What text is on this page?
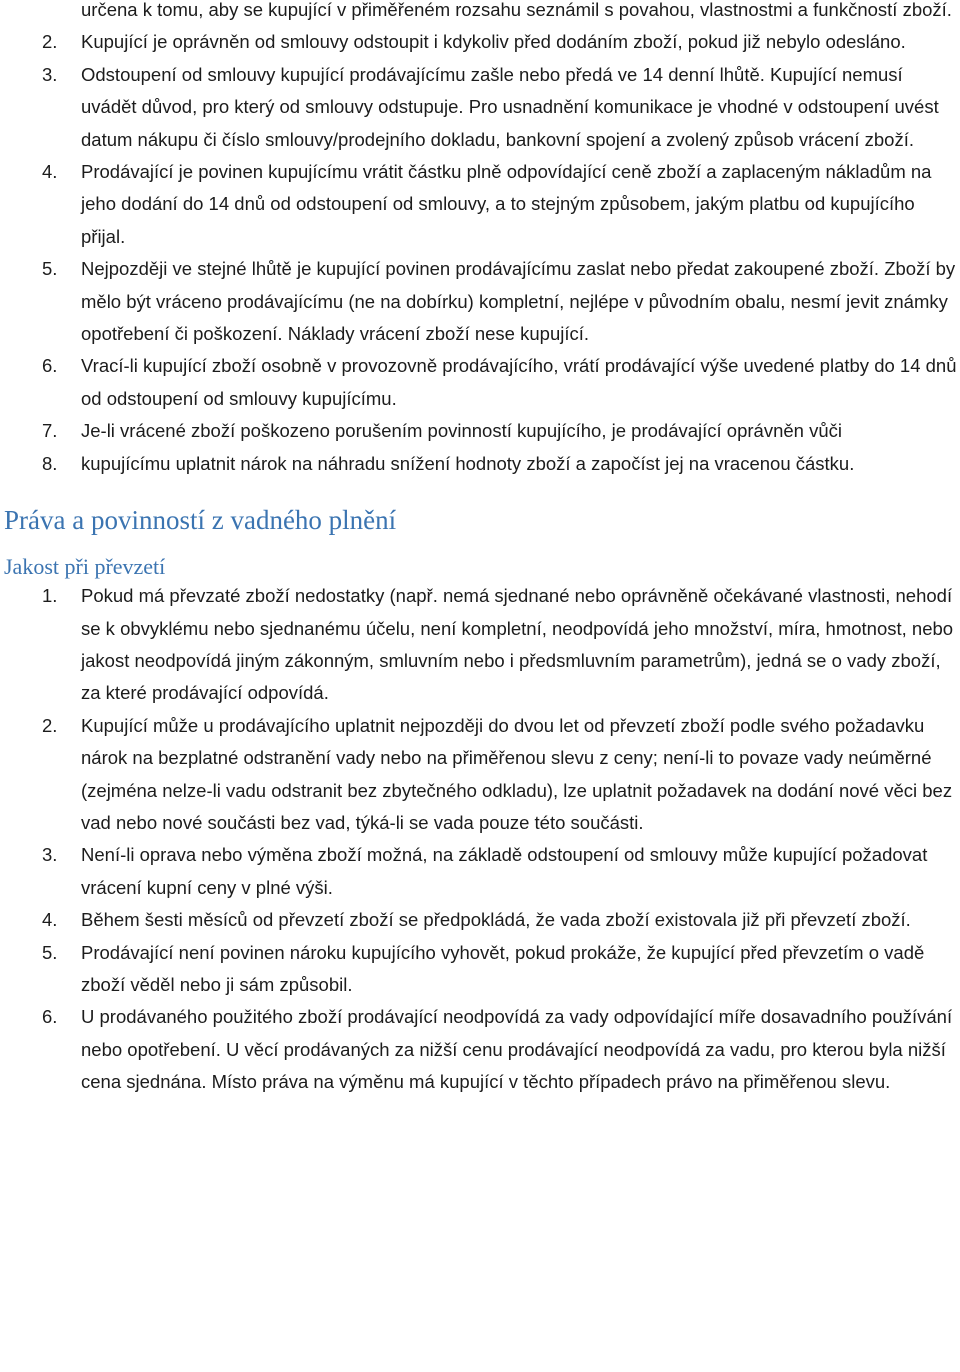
určena k tomu, aby se kupující v přiměřeném rozsahu seznámil s povahou, vlastnostmi a funkčností zboží.

2. Kupující je oprávněn od smlouvy odstoupit i kdykoliv před dodáním zboží, pokud již nebylo odesláno.
3. Odstoupení od smlouvy kupující prodávajícímu zašle nebo předá ve 14 denní lhůtě. Kupující nemusí uvádět důvod, pro který od smlouvy odstupuje. Pro usnadnění komunikace je vhodné v odstoupení uvést datum nákupu či číslo smlouvy/prodejního dokladu, bankovní spojení a zvolený způsob vrácení zboží.
4. Prodávající je povinen kupujícímu vrátit částku plně odpovídající ceně zboží a zaplaceným nákladům na jeho dodání do 14 dnů od odstoupení od smlouvy, a to stejným způsobem, jakým platbu od kupujícího přijal.
5. Nejpozději ve stejné lhůtě je kupující povinen prodávajícímu zaslat nebo předat zakoupené zboží. Zboží by mělo být vráceno prodávajícímu (ne na dobírku) kompletní, nejlépe v původním obalu, nesmí jevit známky opotřebení či poškození. Náklady vrácení zboží nese kupující.
6. Vrací-li kupující zboží osobně v provozovně prodávajícího, vrátí prodávající výše uvedené platby do 14 dnů od odstoupení od smlouvy kupujícímu.
7. Je-li vrácené zboží poškozeno porušením povinností kupujícího, je prodávající oprávněn vůči
8. kupujícímu uplatnit nárok na náhradu snížení hodnoty zboží a započíst jej na vracenou částku.
Práva a povinností z vadného plnění
Jakost při převzetí
1. Pokud má převzaté zboží nedostatky (např. nemá sjednané nebo oprávněně očekávané vlastnosti, nehodí se k obvyklému nebo sjednanému účelu, není kompletní, neodpovídá jeho množství, míra, hmotnost, nebo jakost neodpovídá jiným zákonným, smluvním nebo i předsmluvním parametrům), jedná se o vady zboží, za které prodávající odpovídá.
2. Kupující může u prodávajícího uplatnit nejpozději do dvou let od převzetí zboží podle svého požadavku nárok na bezplatné odstranění vady nebo na přiměřenou slevu z ceny; není-li to povaze vady neúměrné (zejména nelze-li vadu odstranit bez zbytečného odkladu), lze uplatnit požadavek na dodání nové věci bez vad nebo nové součásti bez vad, týká-li se vada pouze této součásti.
3. Není-li oprava nebo výměna zboží možná, na základě odstoupení od smlouvy může kupující požadovat vrácení kupní ceny v plné výši.
4. Během šesti měsíců od převzetí zboží se předpokládá, že vada zboží existovala již při převzetí zboží.
5. Prodávající není povinen nároku kupujícího vyhovět, pokud prokáže, že kupující před převzetím o vadě zboží věděl nebo ji sám způsobil.
6. U prodávaného použitého zboží prodávající neodpovídá za vady odpovídající míře dosavadního používání nebo opotřebení. U věcí prodávaných za nižší cenu prodávající neodpovídá za vadu, pro kterou byla nižší cena sjednána. Místo práva na výměnu má kupující v těchto případech právo na přiměřenou slevu.
